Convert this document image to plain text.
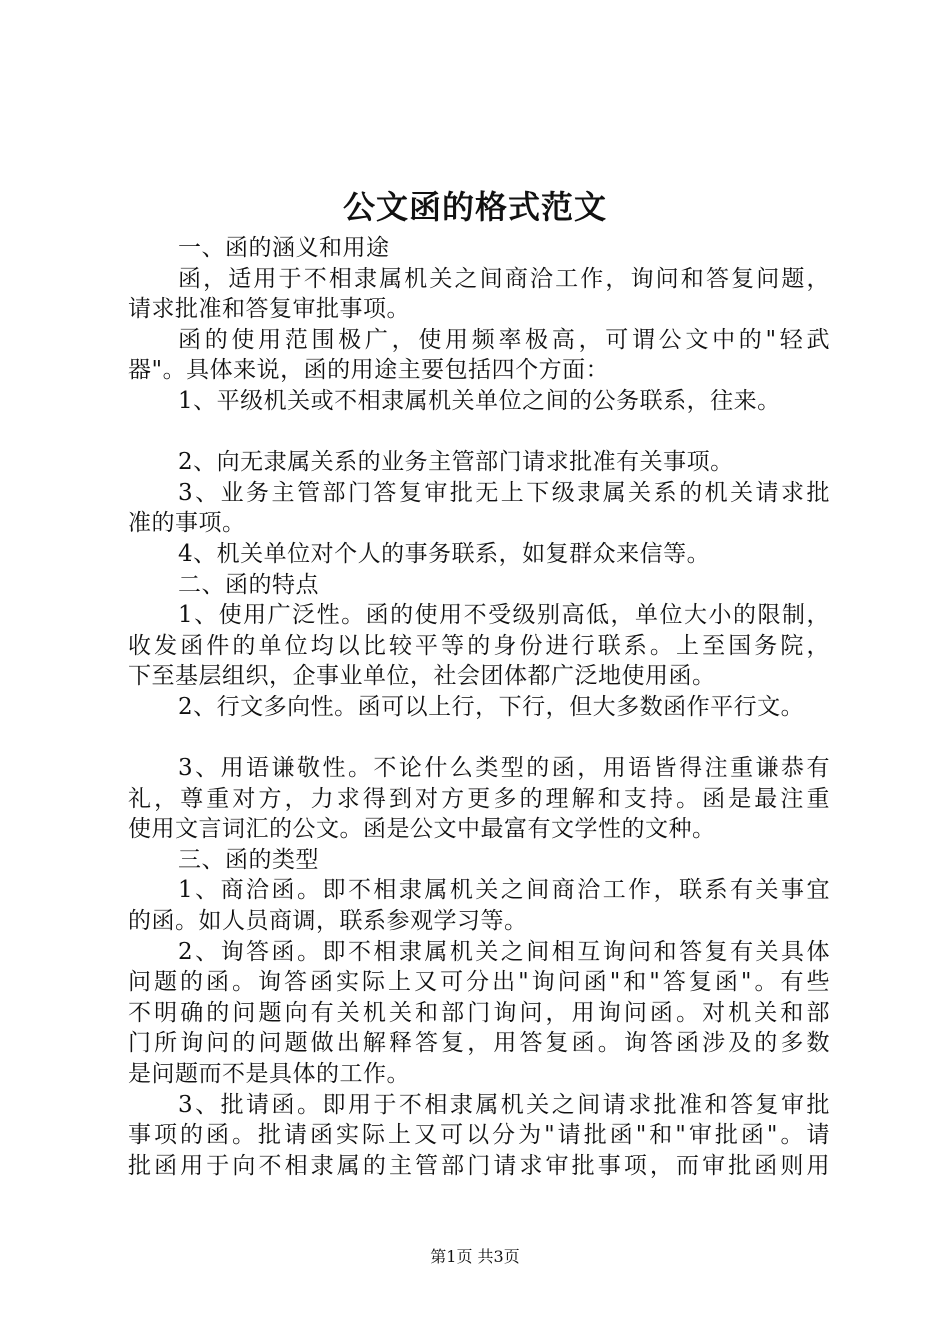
公文函的格式范文
一、函的涵义和用途
函，适用于不相隶属机关之间商洽工作，询问和答复问题，
请求批准和答复审批事项。
函的使用范围极广，使用频率极高，可谓公文中的"轻武
器"。具体来说，函的用途主要包括四个方面：
1、平级机关或不相隶属机关单位之间的公务联系，往来。
2、向无隶属关系的业务主管部门请求批准有关事项。
3、业务主管部门答复审批无上下级隶属关系的机关请求批
准的事项。
4、机关单位对个人的事务联系，如复群众来信等。
二、函的特点
1、使用广泛性。函的使用不受级别高低，单位大小的限制，
收发函件的单位均以比较平等的身份进行联系。上至国务院，
下至基层组织，企事业单位，社会团体都广泛地使用函。
2、行文多向性。函可以上行，下行，但大多数函作平行文。
3、用语谦敬性。不论什么类型的函，用语皆得注重谦恭有
礼，尊重对方，力求得到对方更多的理解和支持。函是最注重
使用文言词汇的公文。函是公文中最富有文学性的文种。
三、函的类型
1、商洽函。即不相隶属机关之间商洽工作，联系有关事宜
的函。如人员商调，联系参观学习等。
2、询答函。即不相隶属机关之间相互询问和答复有关具体
问题的函。询答函实际上又可分出"询问函"和"答复函"。有些
不明确的问题向有关机关和部门询问，用询问函。对机关和部
门所询问的问题做出解释答复，用答复函。询答函涉及的多数
是问题而不是具体的工作。
3、批请函。即用于不相隶属机关之间请求批准和答复审批
事项的函。批请函实际上又可以分为"请批函"和"审批函"。请
批函用于向不相隶属的主管部门请求审批事项，而审批函则用
第1页 共3页
